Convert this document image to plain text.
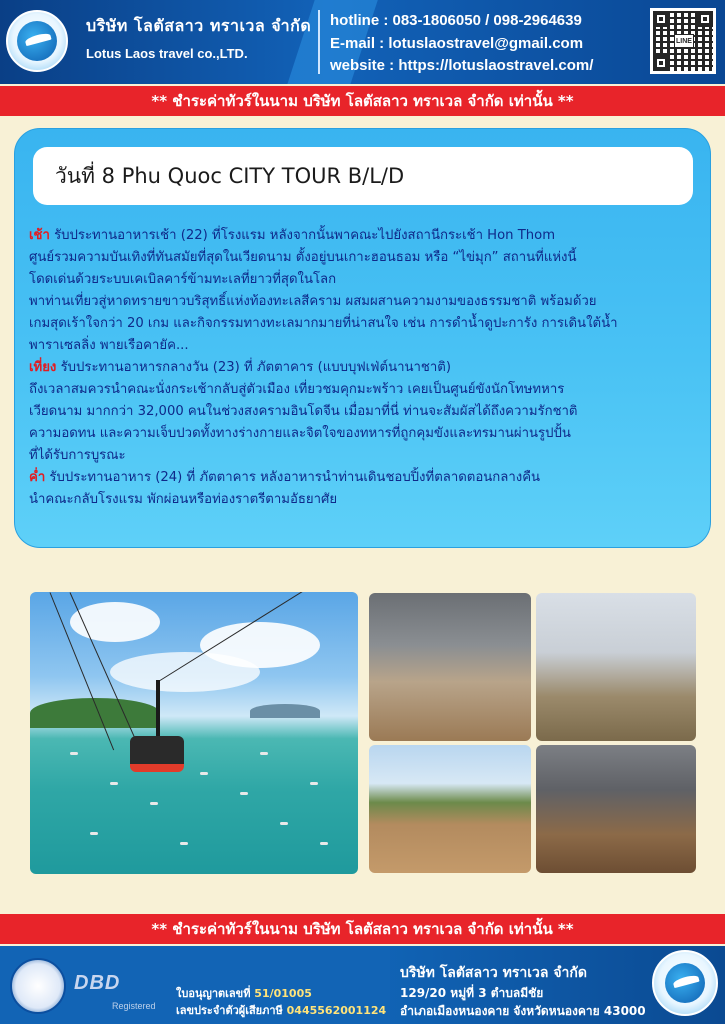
บริษัท โลตัสลาว ทราเวล จำกัด
Lotus Laos travel co.,LTD.
hotline : 083-1806050 / 098-2964639
E-mail : lotuslaostravel@gmail.com
website : https://lotuslaostravel.com/
LINE
** ชำระค่าทัวร์ในนาม บริษัท โลตัสลาว ทราเวล จำกัด เท่านั้น **
วันที่ 8 Phu Quoc CITY TOUR B/L/D

เช้า รับประทานอาหารเช้า (22) ที่โรงแรม หลังจากนั้นพาคณะไปยังสถานีกระเช้า Hon Thom

ศูนย์รวมความบันเทิงที่ทันสมัยที่สุดในเวียดนาม ตั้งอยู่บนเกาะฮอนธอม หรือ “ไข่มุก” สถานที่แห่งนี้

โดดเด่นด้วยระบบเคเบิลคาร์ข้ามทะเลที่ยาวที่สุดในโลก

พาท่านเที่ยวสู่หาดทรายขาวบริสุทธิ์แห่งท้องทะเลสีคราม ผสมผสานความงามของธรรมชาติ พร้อมด้วย

เกมสุดเร้าใจกว่า 20 เกม และกิจกรรมทางทะเลมากมายที่น่าสนใจ เช่น การดำน้ำดูปะการัง การเดินใต้น้ำ

พาราเซลลิ่ง พายเรือคายัค...

เที่ยง รับประทานอาหารกลางวัน (23) ที่ ภัตตาคาร (แบบบุฟเฟ่ต์นานาชาติ)

ถึงเวลาสมควรนำคณะนั่งกระเช้ากลับสู่ตัวเมือง เที่ยวชมคุกมะพร้าว เคยเป็นศูนย์ขังนักโทษทหาร

เวียดนาม มากกว่า 32,000 คนในช่วงสงครามอินโดจีน เมื่อมาที่นี่ ท่านจะสัมผัสได้ถึงความรักชาติ

ความอดทน และความเจ็บปวดทั้งทางร่างกายและจิตใจของทหารที่ถูกคุมขังและทรมานผ่านรูปปั้น

ที่ได้รับการบูรณะ

ค่ำ รับประทานอาหาร (24) ที่ ภัตตาคาร หลังอาหารนำท่านเดินชอบปิ้งที่ตลาดตอนกลางคืน

นำคณะกลับโรงแรม พักผ่อนหรือท่องราตรีตามอัธยาศัย

** ชำระค่าทัวร์ในนาม บริษัท โลตัสลาว ทราเวล จำกัด เท่านั้น **
DBD
Registered
ใบอนุญาตเลขที่ 51/01005
เลขประจำตัวผู้เสียภาษี 0445562001124
บริษัท โลตัสลาว ทราเวล จำกัด
129/20 หมู่ที่ 3 ตำบลมีชัย
อำเภอเมืองหนองคาย จังหวัดหนองคาย 43000
